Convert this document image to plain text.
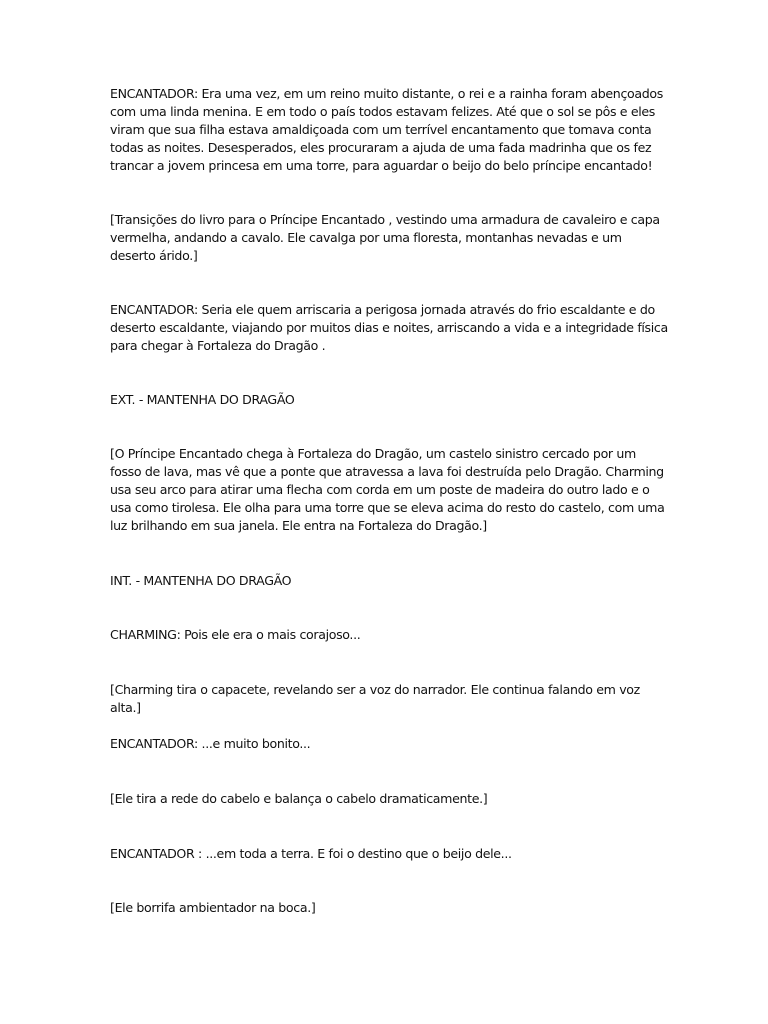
ENCANTADOR: Era uma vez, em um reino muito distante, o rei e a rainha foram abençoados com uma linda menina. E em todo o país todos estavam felizes. Até que o sol se pôs e eles viram que sua filha estava amaldiçoada com um terrível encantamento que tomava conta todas as noites. Desesperados, eles procuraram a ajuda de uma fada madrinha que os fez trancar a jovem princesa em uma torre, para aguardar o beijo do belo príncipe encantado!

[Transições do livro para o Príncipe Encantado , vestindo uma armadura de cavaleiro e capa vermelha, andando a cavalo. Ele cavalga por uma floresta, montanhas nevadas e um deserto árido.]

ENCANTADOR: Seria ele quem arriscaria a perigosa jornada através do frio escaldante e do deserto escaldante, viajando por muitos dias e noites, arriscando a vida e a integridade física para chegar à Fortaleza do Dragão .

EXT. - MANTENHA DO DRAGÃO

[O Príncipe Encantado chega à Fortaleza do Dragão, um castelo sinistro cercado por um fosso de lava, mas vê que a ponte que atravessa a lava foi destruída pelo Dragão. Charming usa seu arco para atirar uma flecha com corda em um poste de madeira do outro lado e o usa como tirolesa. Ele olha para uma torre que se eleva acima do resto do castelo, com uma luz brilhando em sua janela. Ele entra na Fortaleza do Dragão.]

INT. - MANTENHA DO DRAGÃO

CHARMING: Pois ele era o mais corajoso...

[Charming tira o capacete, revelando ser a voz do narrador. Ele continua falando em voz alta.]

ENCANTADOR: ...e muito bonito...

[Ele tira a rede do cabelo e balança o cabelo dramaticamente.]

ENCANTADOR : ...em toda a terra. E foi o destino que o beijo dele...

[Ele borrifa ambientador na boca.]
